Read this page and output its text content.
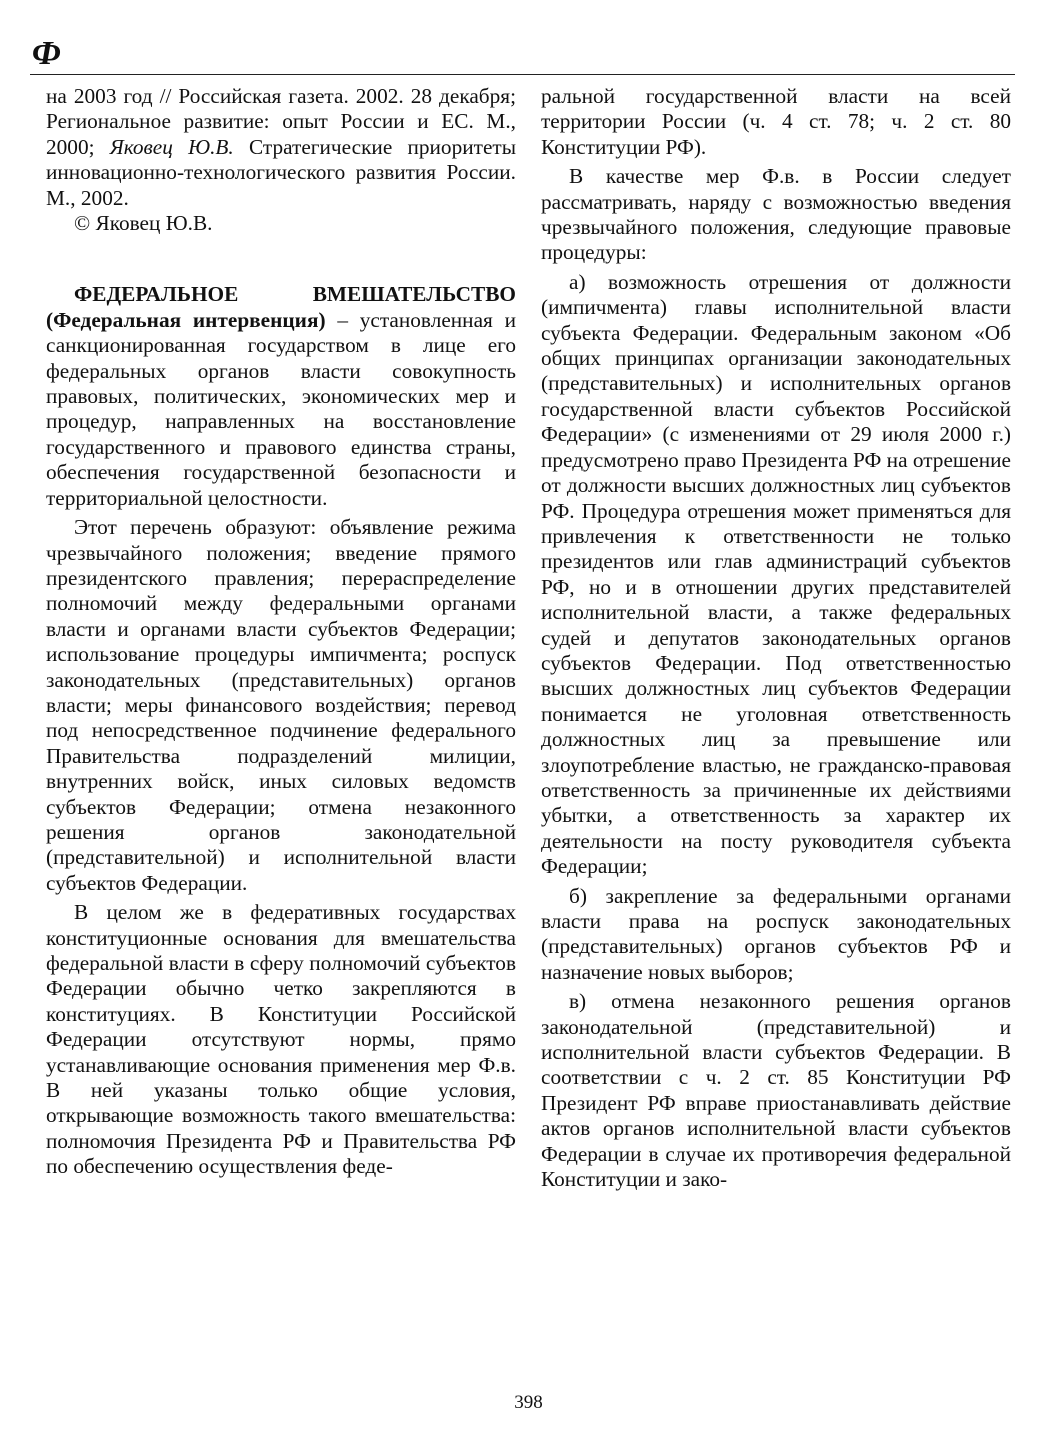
Ф

на 2003 год // Российская газета. 2002. 28 декабря; Региональное развитие: опыт России и ЕС. М., 2000; Яковец Ю.В. Стратегические приоритеты инновационно-технологического развития России. М., 2002.

© Яковец Ю.В.

ФЕДЕРАЛЬНОЕ ВМЕШАТЕЛЬСТВО (Федеральная интервенция) – установленная и санкционированная государством в лице его федеральных органов власти совокупность правовых, политических, экономических мер и процедур, направленных на восстановление государственного и правового единства страны, обеспечения государственной безопасности и территориальной целостности.

Этот перечень образуют: объявление режима чрезвычайного положения; введение прямого президентского правления; перераспределение полномочий между федеральными органами власти и органами власти субъектов Федерации; использование процедуры импичмента; роспуск законодательных (представительных) органов власти; меры финансового воздействия; перевод под непосредственное подчинение федерального Правительства подразделений милиции, внутренних войск, иных силовых ведомств субъектов Федерации; отмена незаконного решения органов законодательной (представительной) и исполнительной власти субъектов Федерации.

В целом же в федеративных государствах конституционные основания для вмешательства федеральной власти в сферу полномочий субъектов Федерации обычно четко закрепляются в конституциях. В Конституции Российской Федерации отсутствуют нормы, прямо устанавливающие основания применения мер Ф.в. В ней указаны только общие условия, открывающие возможность такого вмешательства: полномочия Президента РФ и Правительства РФ по обеспечению осуществления феде-

ральной государственной власти на всей территории России (ч. 4 ст. 78; ч. 2 ст. 80 Конституции РФ).

В качестве мер Ф.в. в России следует рассматривать, наряду с возможностью введения чрезвычайного положения, следующие правовые процедуры:

а) возможность отрешения от должности (импичмента) главы исполнительной власти субъекта Федерации. Федеральным законом «Об общих принципах организации законодательных (представительных) и исполнительных органов государственной власти субъектов Российской Федерации» (с изменениями от 29 июля 2000 г.) предусмотрено право Президента РФ на отрешение от должности высших должностных лиц субъектов РФ. Процедура отрешения может применяться для привлечения к ответственности не только президентов или глав администраций субъектов РФ, но и в отношении других представителей исполнительной власти, а также федеральных судей и депутатов законодательных органов субъектов Федерации. Под ответственностью высших должностных лиц субъектов Федерации понимается не уголовная ответственность должностных лиц за превышение или злоупотребление властью, не гражданско-правовая ответственность за причиненные их действиями убытки, а ответственность за характер их деятельности на посту руководителя субъекта Федерации;

б) закрепление за федеральными органами власти права на роспуск законодательных (представительных) органов субъектов РФ и назначение новых выборов;

в) отмена незаконного решения органов законодательной (представительной) и исполнительной власти субъектов Федерации. В соответствии с ч. 2 ст. 85 Конституции РФ Президент РФ вправе приостанавливать действие актов органов исполнительной власти субъектов Федерации в случае их противоречия федеральной Конституции и зако-

398
